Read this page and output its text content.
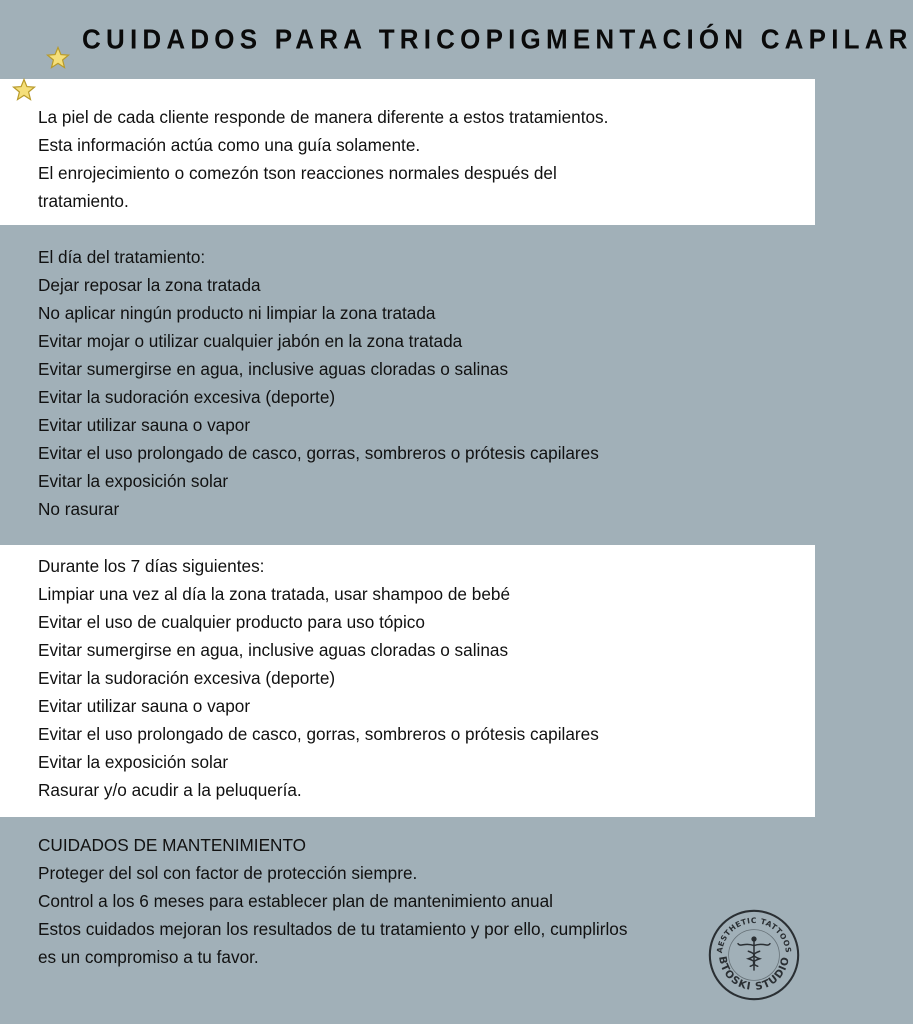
CUIDADOS PARA TRICOPIGMENTACIÓN CAPILAR
La piel de cada cliente responde de manera diferente a estos tratamientos.
Esta información actúa como una guía solamente.
El enrojecimiento o comezón tson reacciones normales después del
tratamiento.
El día del tratamiento:
Dejar reposar la zona tratada
No aplicar ningún producto ni limpiar la zona tratada
Evitar mojar o utilizar cualquier jabón en la zona tratada
Evitar sumergirse en agua, inclusive aguas cloradas o salinas
Evitar la sudoración excesiva (deporte)
Evitar utilizar sauna o vapor
Evitar el uso prolongado de casco, gorras, sombreros o prótesis capilares
Evitar la exposición solar
No rasurar
Durante los 7 días siguientes:
Limpiar una vez al día la zona tratada, usar shampoo de bebé
Evitar el uso de cualquier producto para uso tópico
Evitar sumergirse en agua, inclusive aguas cloradas o salinas
Evitar la sudoración excesiva (deporte)
Evitar utilizar sauna o vapor
Evitar el uso prolongado de casco, gorras, sombreros o prótesis capilares
Evitar la exposición solar
Rasurar y/o acudir a la peluquería.
CUIDADOS DE MANTENIMIENTO
Proteger del sol con factor de protección siempre.
Control a los 6 meses para establecer plan de mantenimiento anual
Estos cuidados mejoran los resultados de tu tratamiento y por ello, cumplirlos
es un compromiso a tu favor.	AESTHETIC TATTOOS
BTOSKI STUDIO
